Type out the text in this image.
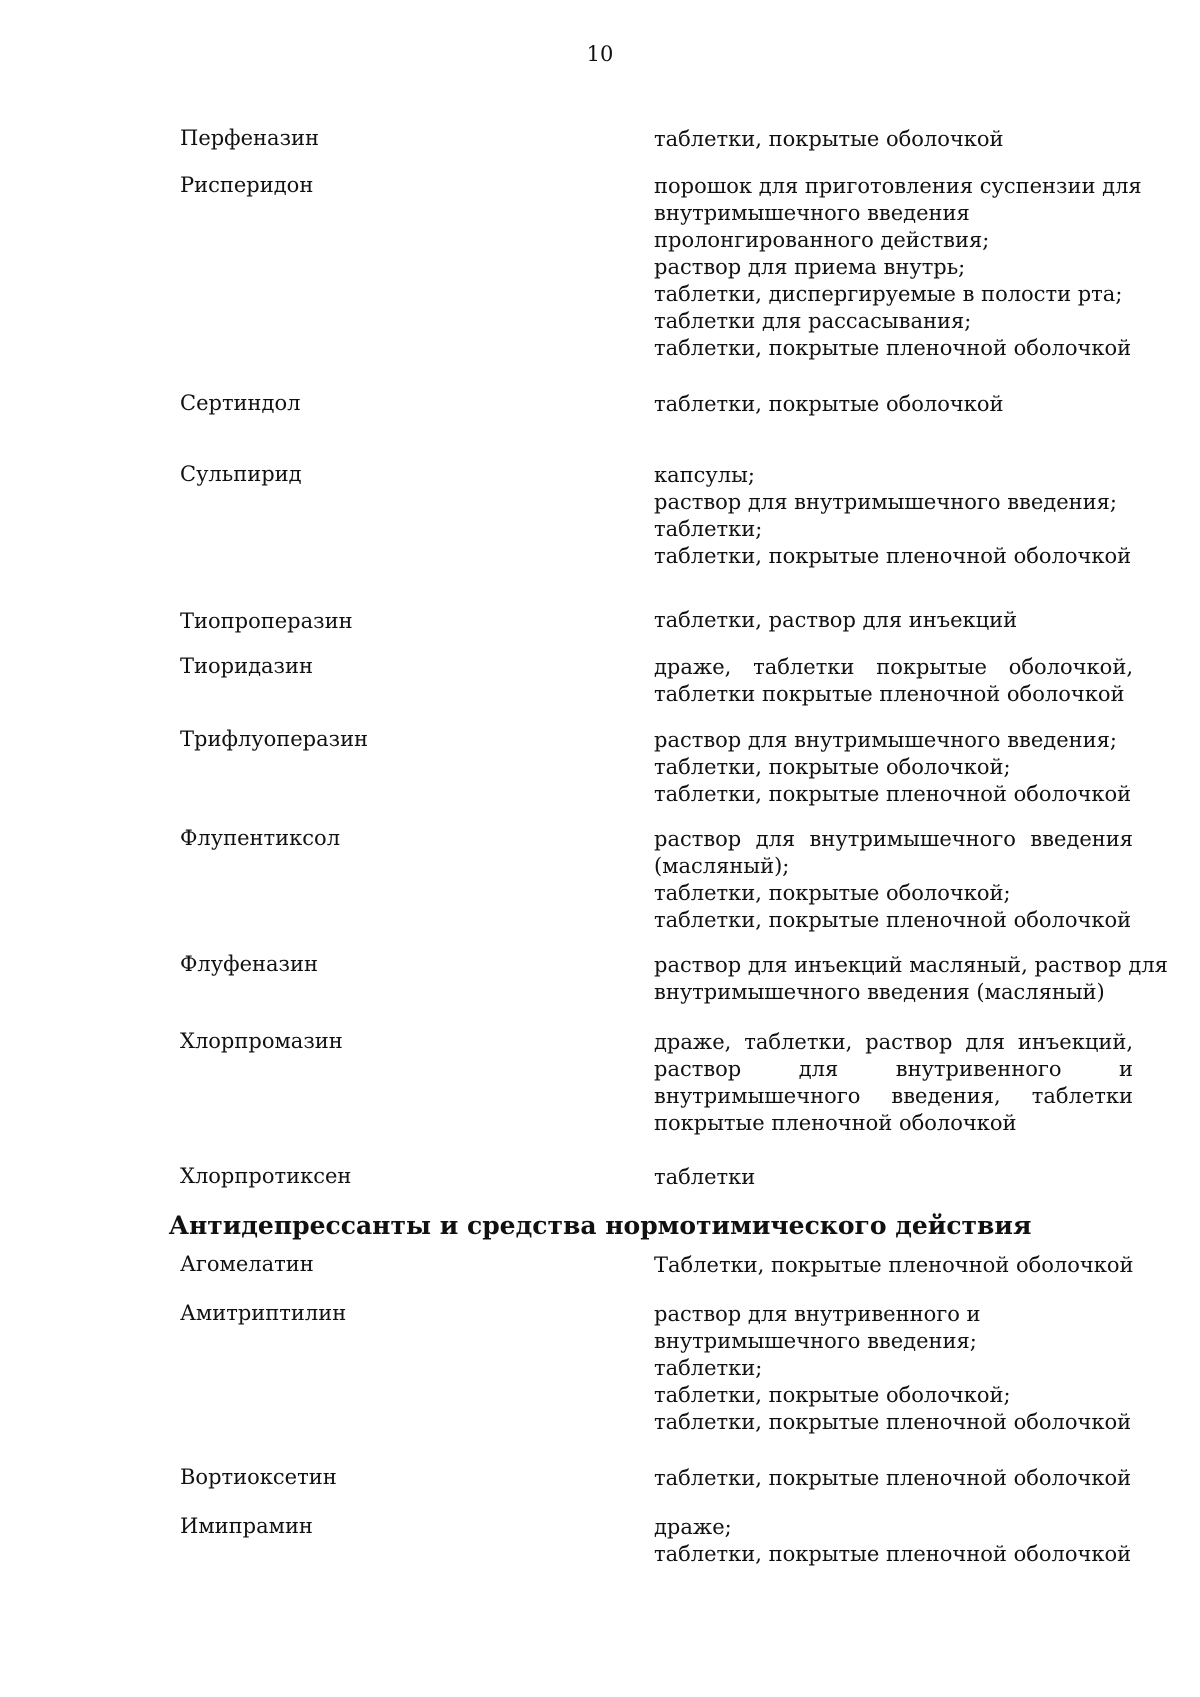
10
Перфеназин	таблетки, покрытые оболочкой
Рисперидон	порошок для приготовления суспензии для
внутримышечного введения
пролонгированного действия;
раствор для приема внутрь;
таблетки, диспергируемые в полости рта;
таблетки для рассасывания;
таблетки, покрытые пленочной оболочкой
Сертиндол	таблетки, покрытые оболочкой
Сульпирид	капсулы;
раствор для внутримышечного введения;
таблетки;
таблетки, покрытые пленочной оболочкой
Тиопроперазин	таблетки, раствор для инъекций
Тиоридазин	драже, таблетки покрытые оболочкой,
таблетки покрытые пленочной оболочкой
Трифлуоперазин	раствор для внутримышечного введения;
таблетки, покрытые оболочкой;
таблетки, покрытые пленочной оболочкой
Флупентиксол	раствор для внутримышечного введения
(масляный);
таблетки, покрытые оболочкой;
таблетки, покрытые пленочной оболочкой
Флуфеназин	раствор для инъекций масляный, раствор для
внутримышечного введения (масляный)
Хлорпромазин	драже, таблетки, раствор для инъекций,
раствор для внутривенного и
внутримышечного введения, таблетки
покрытые пленочной оболочкой
Хлорпротиксен	таблетки
Антидепрессанты и средства нормотимического действия
Агомелатин	Таблетки, покрытые пленочной оболочкой
Амитриптилин	раствор для внутривенного и
внутримышечного введения;
таблетки;
таблетки, покрытые оболочкой;
таблетки, покрытые пленочной оболочкой
Вортиоксетин	таблетки, покрытые пленочной оболочкой
Имипрамин	драже;
таблетки, покрытые пленочной оболочкой
